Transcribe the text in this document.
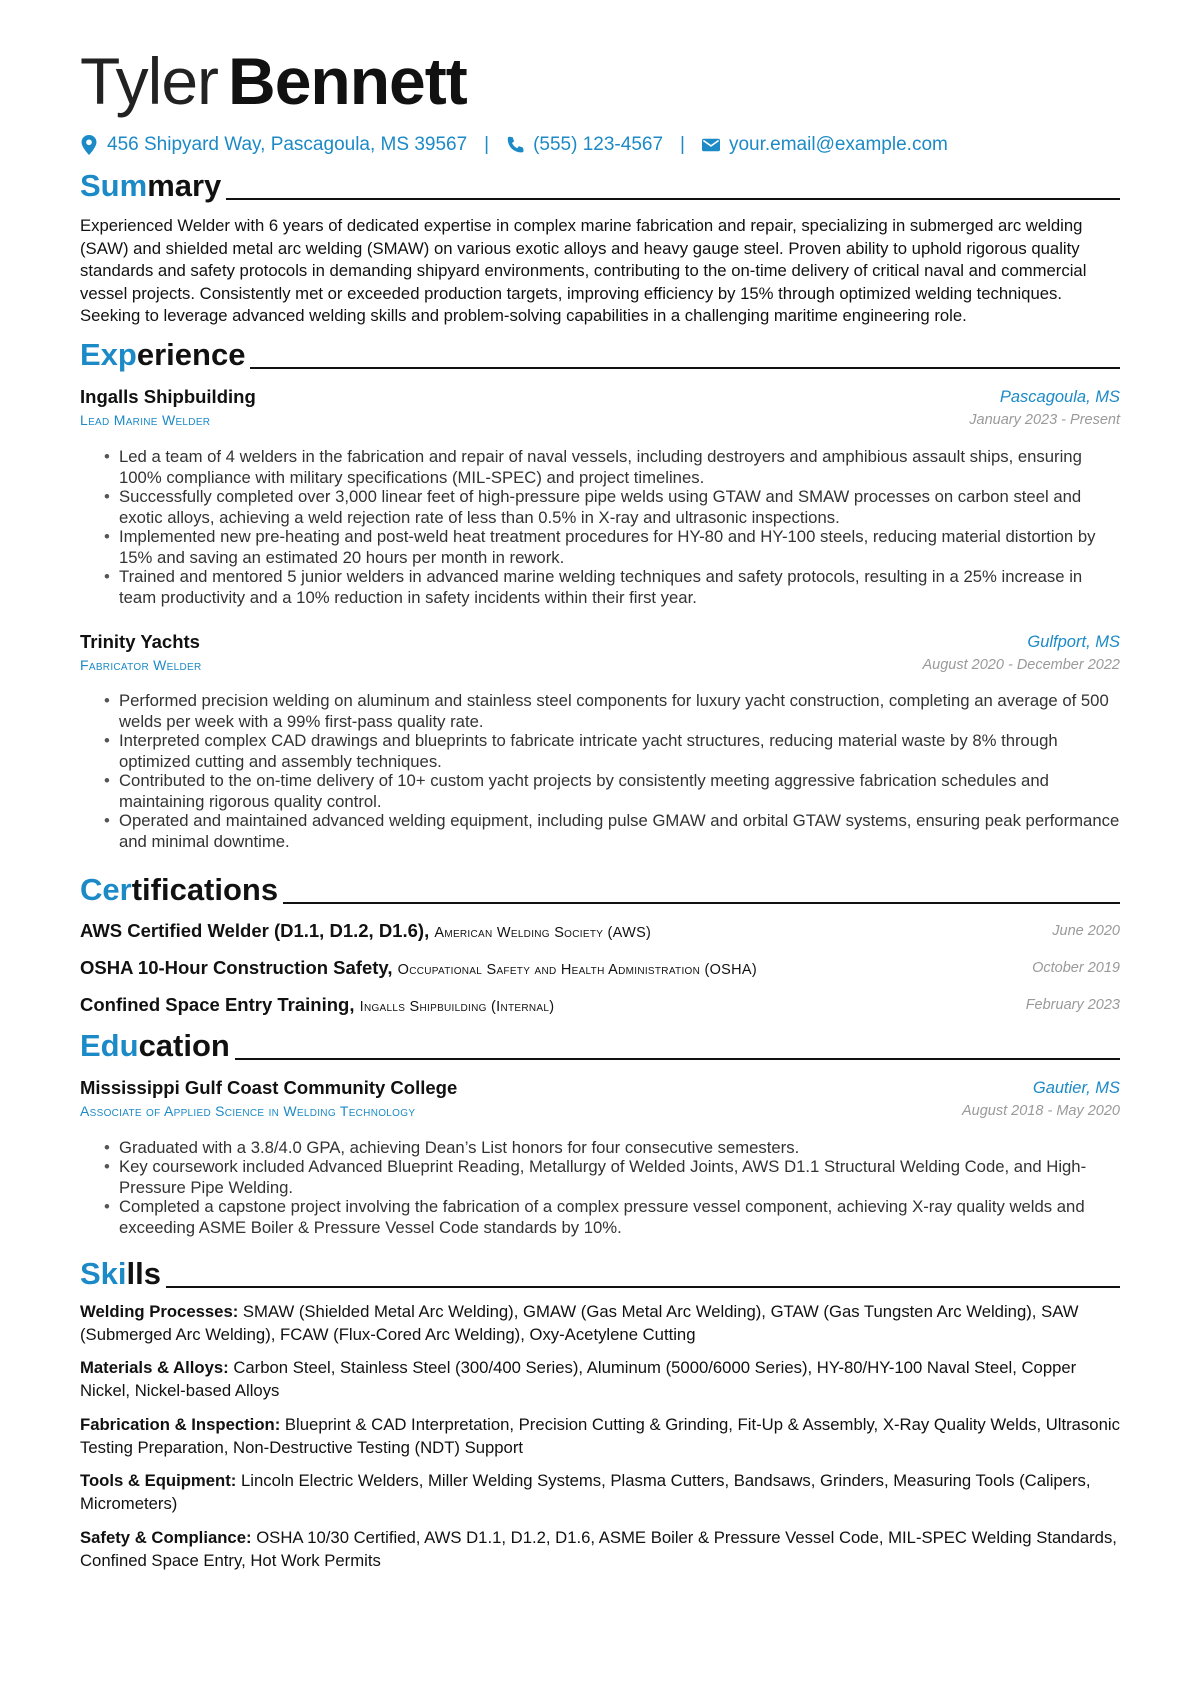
Tyler Bennett
456 Shipyard Way, Pascagoula, MS 39567 | (555) 123-4567 | your.email@example.com
Summary
Experienced Welder with 6 years of dedicated expertise in complex marine fabrication and repair, specializing in submerged arc welding (SAW) and shielded metal arc welding (SMAW) on various exotic alloys and heavy gauge steel. Proven ability to uphold rigorous quality standards and safety protocols in demanding shipyard environments, contributing to the on-time delivery of critical naval and commercial vessel projects. Consistently met or exceeded production targets, improving efficiency by 15% through optimized welding techniques. Seeking to leverage advanced welding skills and problem-solving capabilities in a challenging maritime engineering role.
Experience
Ingalls Shipbuilding	Pascagoula, MS
Lead Marine Welder	January 2023 - Present
• Led a team of 4 welders in the fabrication and repair of naval vessels, including destroyers and amphibious assault ships, ensuring 100% compliance with military specifications (MIL-SPEC) and project timelines.
• Successfully completed over 3,000 linear feet of high-pressure pipe welds using GTAW and SMAW processes on carbon steel and exotic alloys, achieving a weld rejection rate of less than 0.5% in X-ray and ultrasonic inspections.
• Implemented new pre-heating and post-weld heat treatment procedures for HY-80 and HY-100 steels, reducing material distortion by 15% and saving an estimated 20 hours per month in rework.
• Trained and mentored 5 junior welders in advanced marine welding techniques and safety protocols, resulting in a 25% increase in team productivity and a 10% reduction in safety incidents within their first year.
Trinity Yachts	Gulfport, MS
Fabricator Welder	August 2020 - December 2022
• Performed precision welding on aluminum and stainless steel components for luxury yacht construction, completing an average of 500 welds per week with a 99% first-pass quality rate.
• Interpreted complex CAD drawings and blueprints to fabricate intricate yacht structures, reducing material waste by 8% through optimized cutting and assembly techniques.
• Contributed to the on-time delivery of 10+ custom yacht projects by consistently meeting aggressive fabrication schedules and maintaining rigorous quality control.
• Operated and maintained advanced welding equipment, including pulse GMAW and orbital GTAW systems, ensuring peak performance and minimal downtime.
Certifications
AWS Certified Welder (D1.1, D1.2, D1.6), American Welding Society (AWS)	June 2020
OSHA 10-Hour Construction Safety, Occupational Safety and Health Administration (OSHA)	October 2019
Confined Space Entry Training, Ingalls Shipbuilding (Internal)	February 2023
Education
Mississippi Gulf Coast Community College	Gautier, MS
Associate of Applied Science in Welding Technology	August 2018 - May 2020
• Graduated with a 3.8/4.0 GPA, achieving Dean’s List honors for four consecutive semesters.
• Key coursework included Advanced Blueprint Reading, Metallurgy of Welded Joints, AWS D1.1 Structural Welding Code, and High-Pressure Pipe Welding.
• Completed a capstone project involving the fabrication of a complex pressure vessel component, achieving X-ray quality welds and exceeding ASME Boiler & Pressure Vessel Code standards by 10%.
Skills
Welding Processes: SMAW (Shielded Metal Arc Welding), GMAW (Gas Metal Arc Welding), GTAW (Gas Tungsten Arc Welding), SAW (Submerged Arc Welding), FCAW (Flux-Cored Arc Welding), Oxy-Acetylene Cutting
Materials & Alloys: Carbon Steel, Stainless Steel (300/400 Series), Aluminum (5000/6000 Series), HY-80/HY-100 Naval Steel, Copper Nickel, Nickel-based Alloys
Fabrication & Inspection: Blueprint & CAD Interpretation, Precision Cutting & Grinding, Fit-Up & Assembly, X-Ray Quality Welds, Ultrasonic Testing Preparation, Non-Destructive Testing (NDT) Support
Tools & Equipment: Lincoln Electric Welders, Miller Welding Systems, Plasma Cutters, Bandsaws, Grinders, Measuring Tools (Calipers, Micrometers)
Safety & Compliance: OSHA 10/30 Certified, AWS D1.1, D1.2, D1.6, ASME Boiler & Pressure Vessel Code, MIL-SPEC Welding Standards, Confined Space Entry, Hot Work Permits
